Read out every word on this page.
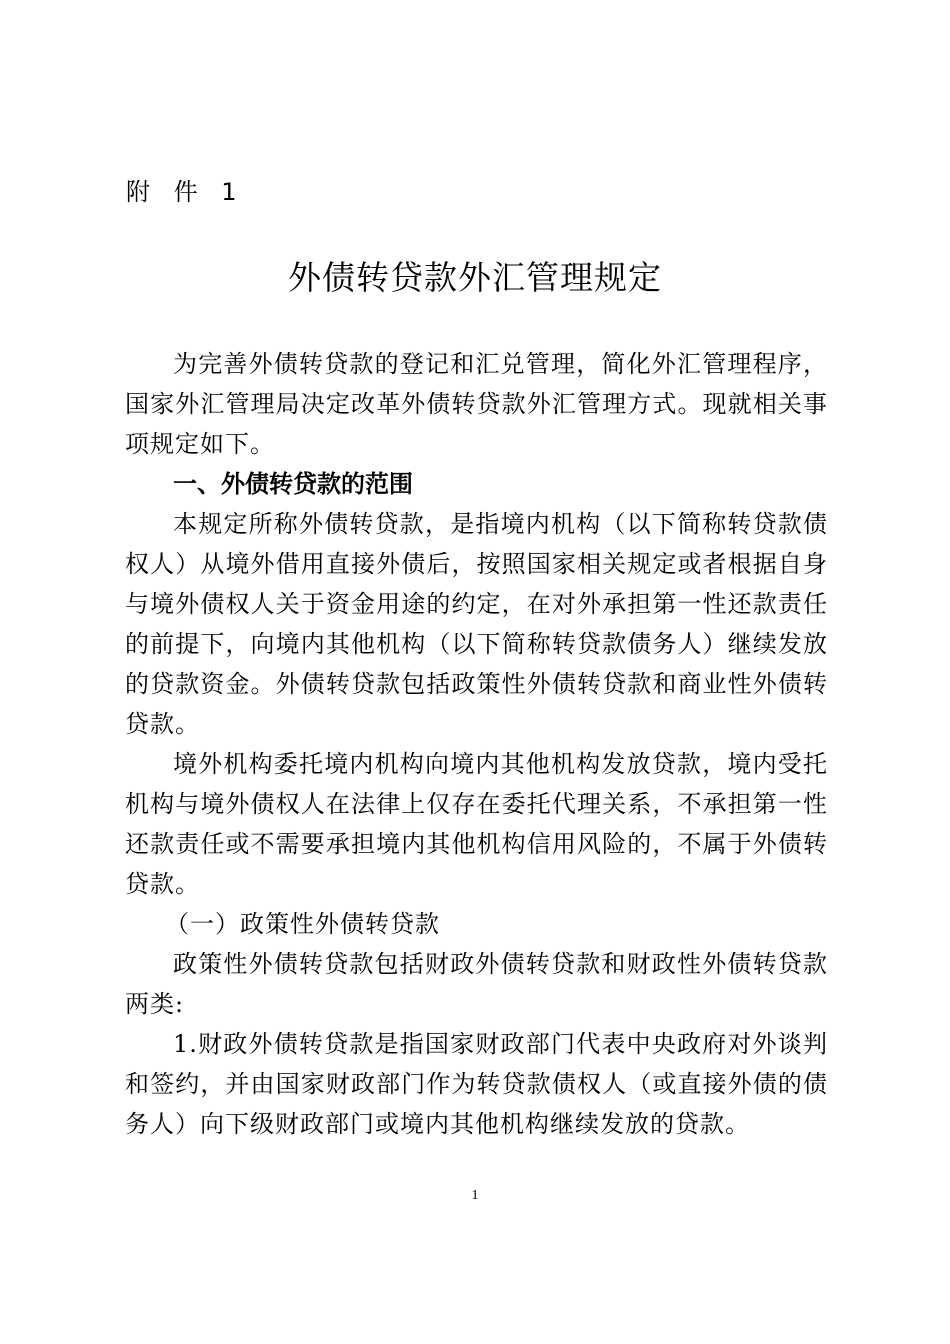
附 件 1
外债转贷款外汇管理规定

为完善外债转贷款的登记和汇兑管理，简化外汇管理程序，国家外汇管理局决定改革外债转贷款外汇管理方式。现就相关事项规定如下。

一、外债转贷款的范围

本规定所称外债转贷款，是指境内机构（以下简称转贷款债权人）从境外借用直接外债后，按照国家相关规定或者根据自身与境外债权人关于资金用途的约定，在对外承担第一性还款责任的前提下，向境内其他机构（以下简称转贷款债务人）继续发放的贷款资金。外债转贷款包括政策性外债转贷款和商业性外债转贷款。

境外机构委托境内机构向境内其他机构发放贷款，境内受托机构与境外债权人在法律上仅存在委托代理关系，不承担第一性还款责任或不需要承担境内其他机构信用风险的，不属于外债转贷款。

（一）政策性外债转贷款

政策性外债转贷款包括财政外债转贷款和财政性外债转贷款两类:

1.财政外债转贷款是指国家财政部门代表中央政府对外谈判和签约，并由国家财政部门作为转贷款债权人（或直接外债的债务人）向下级财政部门或境内其他机构继续发放的贷款。

1
